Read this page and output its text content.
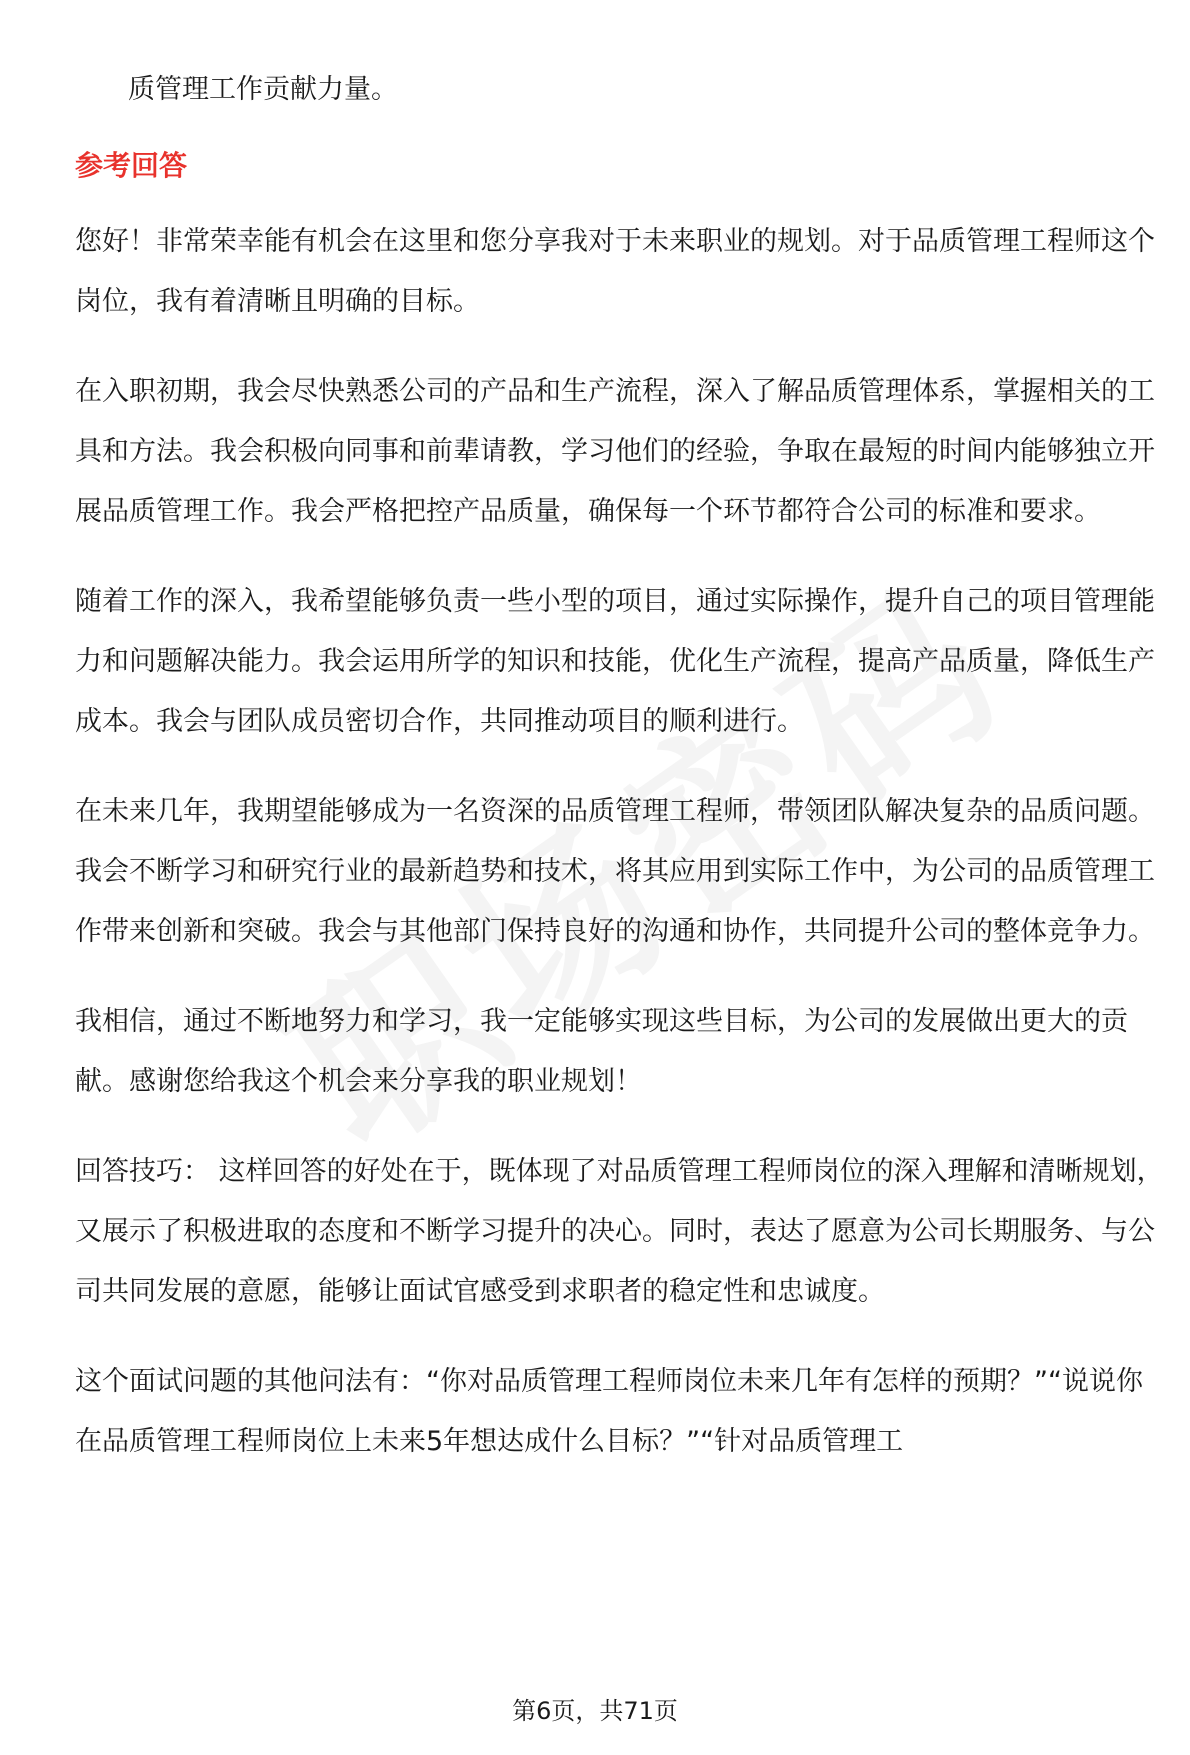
质管理工作贡献力量。

参考回答

您好！非常荣幸能有机会在这里和您分享我对于未来职业的规划。对于品质管理工程师这个岗位，我有着清晰且明确的目标。

在入职初期，我会尽快熟悉公司的产品和生产流程，深入了解品质管理体系，掌握相关的工具和方法。我会积极向同事和前辈请教，学习他们的经验，争取在最短的时间内能够独立开展品质管理工作。我会严格把控产品质量，确保每一个环节都符合公司的标准和要求。

随着工作的深入，我希望能够负责一些小型的项目，通过实际操作，提升自己的项目管理能力和问题解决能力。我会运用所学的知识和技能，优化生产流程，提高产品质量，降低生产成本。我会与团队成员密切合作，共同推动项目的顺利进行。

在未来几年，我期望能够成为一名资深的品质管理工程师，带领团队解决复杂的品质问题。我会不断学习和研究行业的最新趋势和技术，将其应用到实际工作中，为公司的品质管理工作带来创新和突破。我会与其他部门保持良好的沟通和协作，共同提升公司的整体竞争力。

我相信，通过不断地努力和学习，我一定能够实现这些目标，为公司的发展做出更大的贡献。感谢您给我这个机会来分享我的职业规划！

回答技巧： 这样回答的好处在于，既体现了对品质管理工程师岗位的深入理解和清晰规划，又展示了积极进取的态度和不断学习提升的决心。同时，表达了愿意为公司长期服务、与公司共同发展的意愿，能够让面试官感受到求职者的稳定性和忠诚度。

这个面试问题的其他问法有：“你对品质管理工程师岗位未来几年有怎样的预期？”“说说你在品质管理工程师岗位上未来5年想达成什么目标？”“针对品质管理工

第6页，共71页
